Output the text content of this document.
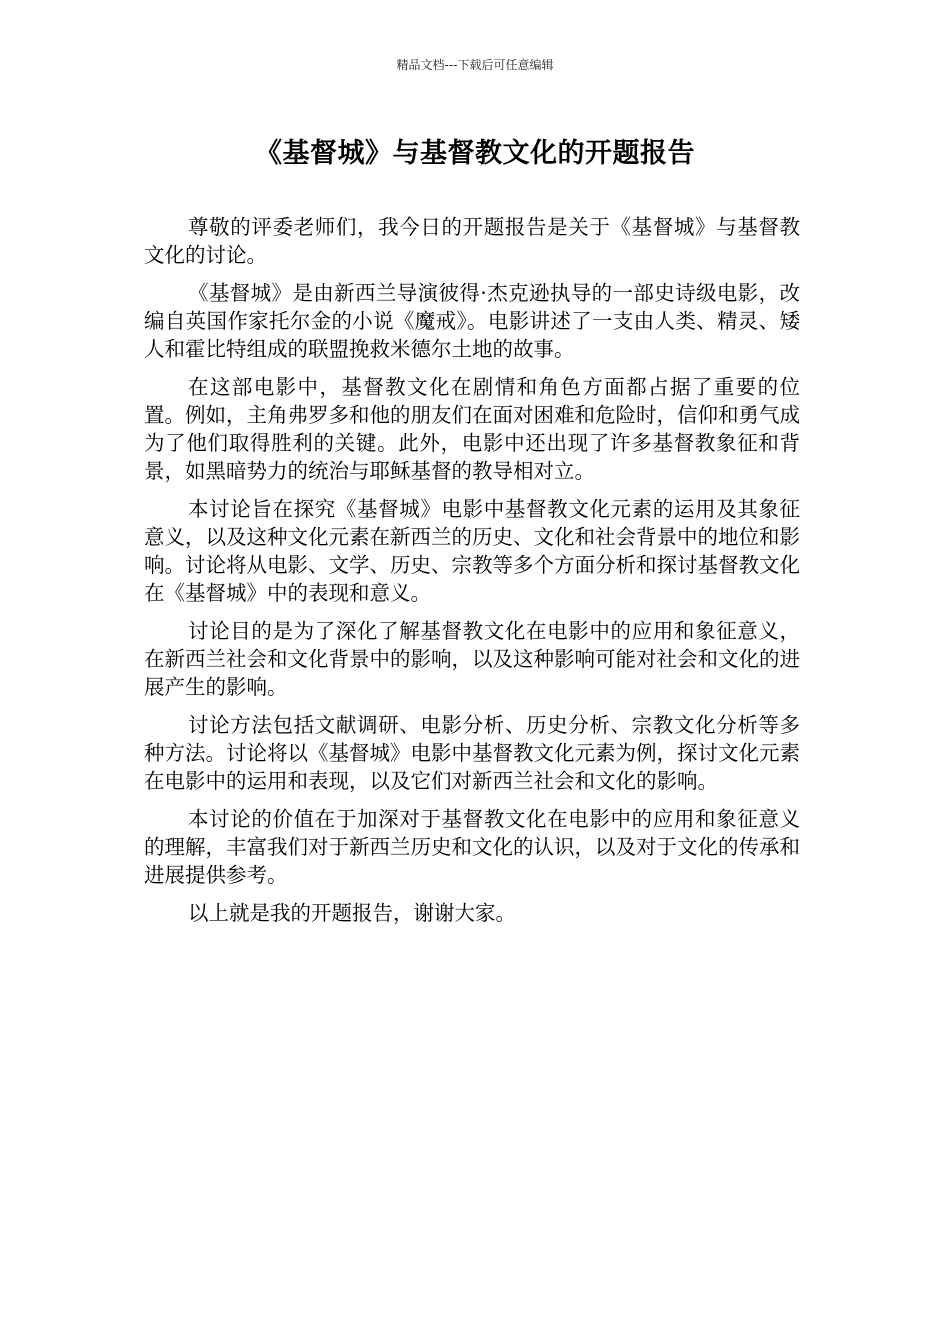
精品文档---下载后可任意编辑
《基督城》与基督教文化的开题报告

尊敬的评委老师们，我今日的开题报告是关于《基督城》与基督教文化的讨论。

《基督城》是由新西兰导演彼得·杰克逊执导的一部史诗级电影，改编自英国作家托尔金的小说《魔戒》。电影讲述了一支由人类、精灵、矮人和霍比特组成的联盟挽救米德尔土地的故事。

在这部电影中，基督教文化在剧情和角色方面都占据了重要的位置。例如，主角弗罗多和他的朋友们在面对困难和危险时，信仰和勇气成为了他们取得胜利的关键。此外，电影中还出现了许多基督教象征和背景，如黑暗势力的统治与耶稣基督的教导相对立。

本讨论旨在探究《基督城》电影中基督教文化元素的运用及其象征意义，以及这种文化元素在新西兰的历史、文化和社会背景中的地位和影响。讨论将从电影、文学、历史、宗教等多个方面分析和探讨基督教文化在《基督城》中的表现和意义。

讨论目的是为了深化了解基督教文化在电影中的应用和象征意义，在新西兰社会和文化背景中的影响，以及这种影响可能对社会和文化的进展产生的影响。

讨论方法包括文献调研、电影分析、历史分析、宗教文化分析等多种方法。讨论将以《基督城》电影中基督教文化元素为例，探讨文化元素在电影中的运用和表现，以及它们对新西兰社会和文化的影响。

本讨论的价值在于加深对于基督教文化在电影中的应用和象征意义的理解，丰富我们对于新西兰历史和文化的认识，以及对于文化的传承和进展提供参考。

以上就是我的开题报告，谢谢大家。
